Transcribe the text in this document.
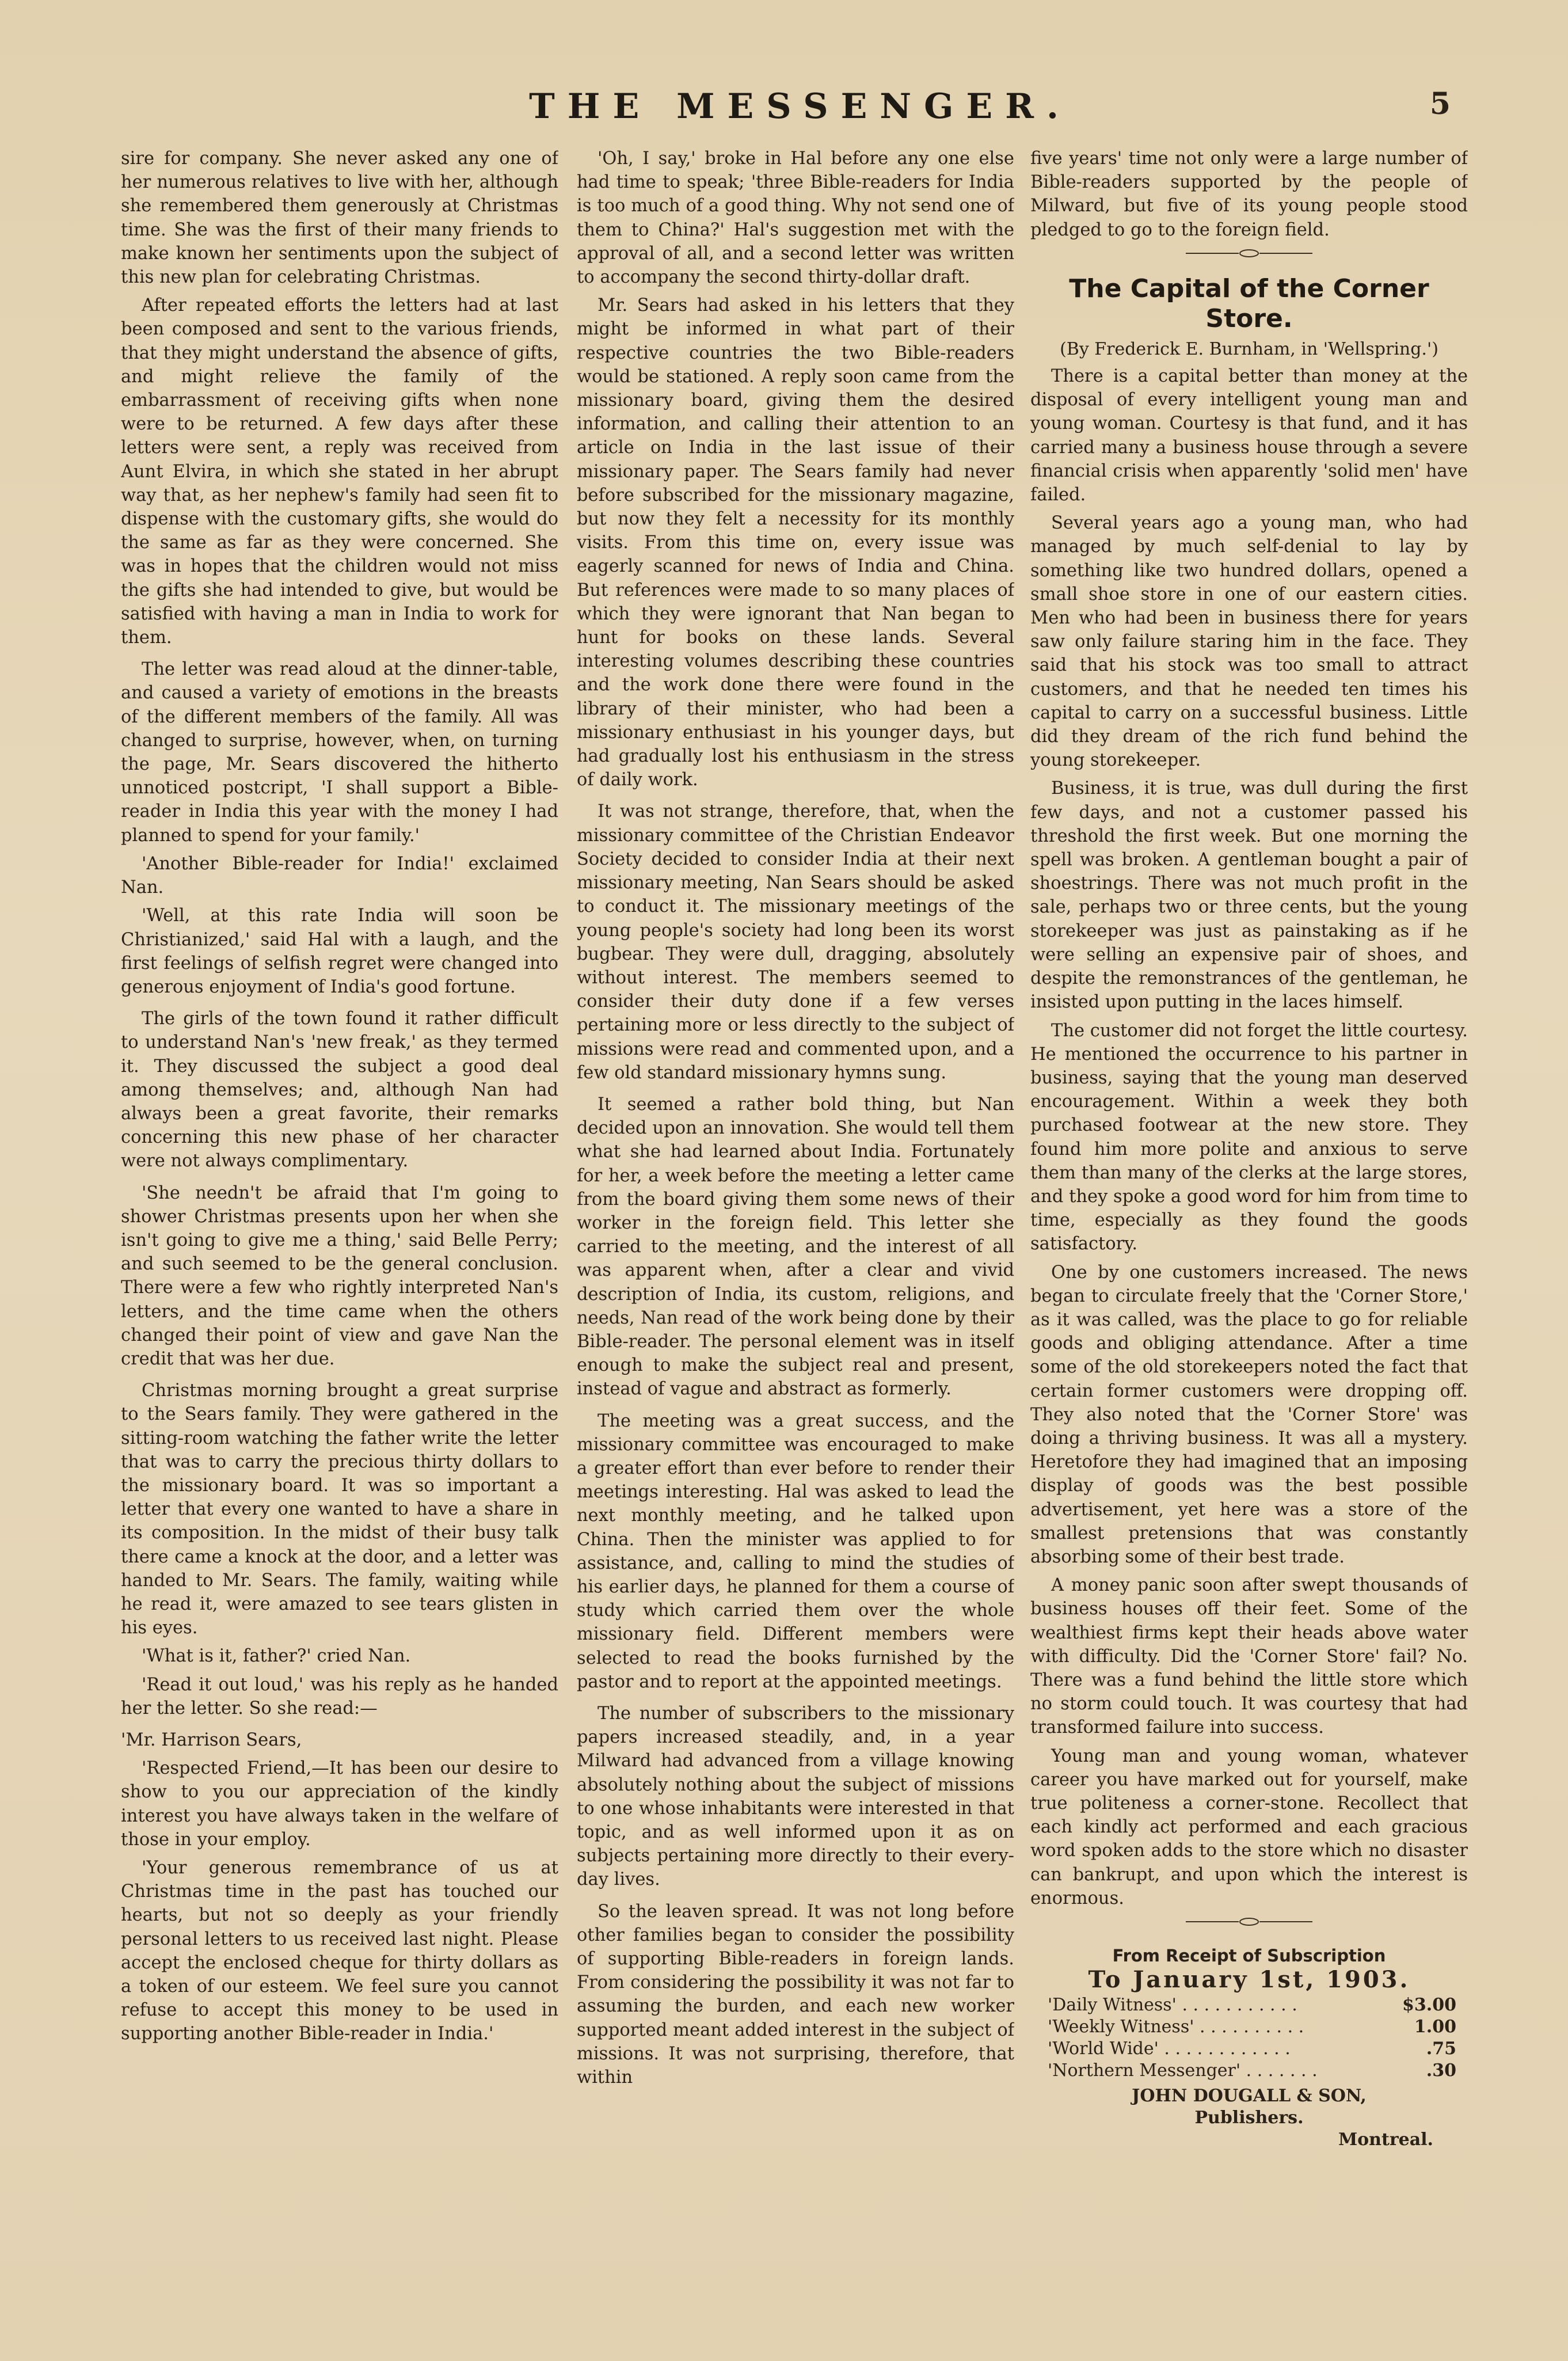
THE MESSENGER.	5

sire for company. She never asked any one of her numerous relatives to live with her, although she remembered them generously at Christmas time. She was the first of their many friends to make known her sentiments upon the subject of this new plan for celebrating Christmas.

After repeated efforts the letters had at last been composed and sent to the various friends, that they might understand the absence of gifts, and might relieve the family of the embarrassment of receiving gifts when none were to be returned. A few days after these letters were sent, a reply was received from Aunt Elvira, in which she stated in her abrupt way that, as her nephew's family had seen fit to dispense with the customary gifts, she would do the same as far as they were concerned. She was in hopes that the children would not miss the gifts she had intended to give, but would be satisfied with having a man in India to work for them.

The letter was read aloud at the dinner-table, and caused a variety of emotions in the breasts of the different members of the family. All was changed to surprise, however, when, on turning the page, Mr. Sears discovered the hitherto unnoticed postcript, 'I shall support a Bible-reader in India this year with the money I had planned to spend for your family.'

'Another Bible-reader for India!' exclaimed Nan.

'Well, at this rate India will soon be Christianized,' said Hal with a laugh, and the first feelings of selfish regret were changed into generous enjoyment of India's good fortune.

The girls of the town found it rather difficult to understand Nan's 'new freak,' as they termed it. They discussed the subject a good deal among themselves; and, although Nan had always been a great favorite, their remarks concerning this new phase of her character were not always complimentary.

'She needn't be afraid that I'm going to shower Christmas presents upon her when she isn't going to give me a thing,' said Belle Perry; and such seemed to be the general conclusion. There were a few who rightly interpreted Nan's letters, and the time came when the others changed their point of view and gave Nan the credit that was her due.

Christmas morning brought a great surprise to the Sears family. They were gathered in the sitting-room watching the father write the letter that was to carry the precious thirty dollars to the missionary board. It was so important a letter that every one wanted to have a share in its composition. In the midst of their busy talk there came a knock at the door, and a letter was handed to Mr. Sears. The family, waiting while he read it, were amazed to see tears glisten in his eyes.

'What is it, father?' cried Nan.

'Read it out loud,' was his reply as he handed her the letter. So she read:—

'Mr. Harrison Sears,

'Respected Friend,—It has been our desire to show to you our appreciation of the kindly interest you have always taken in the welfare of those in your employ.

'Your generous remembrance of us at Christmas time in the past has touched our hearts, but not so deeply as your friendly personal letters to us received last night. Please accept the enclosed cheque for thirty dollars as a token of our esteem. We feel sure you cannot refuse to accept this money to be used in supporting another Bible-reader in India.'

'Oh, I say,' broke in Hal before any one else had time to speak; 'three Bible-readers for India is too much of a good thing. Why not send one of them to China?' Hal's suggestion met with the approval of all, and a second letter was written to accompany the second thirty-dollar draft.

Mr. Sears had asked in his letters that they might be informed in what part of their respective countries the two Bible-readers would be stationed. A reply soon came from the missionary board, giving them the desired information, and calling their attention to an article on India in the last issue of their missionary paper. The Sears family had never before subscribed for the missionary magazine, but now they felt a necessity for its monthly visits. From this time on, every issue was eagerly scanned for news of India and China. But references were made to so many places of which they were ignorant that Nan began to hunt for books on these lands. Several interesting volumes describing these countries and the work done there were found in the library of their minister, who had been a missionary enthusiast in his younger days, but had gradually lost his enthusiasm in the stress of daily work.

It was not strange, therefore, that, when the missionary committee of the Christian Endeavor Society decided to consider India at their next missionary meeting, Nan Sears should be asked to conduct it. The missionary meetings of the young people's society had long been its worst bugbear. They were dull, dragging, absolutely without interest. The members seemed to consider their duty done if a few verses pertaining more or less directly to the subject of missions were read and commented upon, and a few old standard missionary hymns sung.

It seemed a rather bold thing, but Nan decided upon an innovation. She would tell them what she had learned about India. Fortunately for her, a week before the meeting a letter came from the board giving them some news of their worker in the foreign field. This letter she carried to the meeting, and the interest of all was apparent when, after a clear and vivid description of India, its custom, religions, and needs, Nan read of the work being done by their Bible-reader. The personal element was in itself enough to make the subject real and present, instead of vague and abstract as formerly.

The meeting was a great success, and the missionary committee was encouraged to make a greater effort than ever before to render their meetings interesting. Hal was asked to lead the next monthly meeting, and he talked upon China. Then the minister was applied to for assistance, and, calling to mind the studies of his earlier days, he planned for them a course of study which carried them over the whole missionary field. Different members were selected to read the books furnished by the pastor and to report at the appointed meetings.

The number of subscribers to the missionary papers increased steadily, and, in a year Milward had advanced from a village knowing absolutely nothing about the subject of missions to one whose inhabitants were interested in that topic, and as well informed upon it as on subjects pertaining more directly to their every-day lives.

So the leaven spread. It was not long before other families began to consider the possibility of supporting Bible-readers in foreign lands. From considering the possibility it was not far to assuming the burden, and each new worker supported meant added interest in the subject of missions. It was not surprising, therefore, that within

five years' time not only were a large number of Bible-readers supported by the people of Milward, but five of its young people stood pledged to go to the foreign field.

The Capital of the Corner Store.
(By Frederick E. Burnham, in 'Wellspring.')

There is a capital better than money at the disposal of every intelligent young man and young woman. Courtesy is that fund, and it has carried many a business house through a severe financial crisis when apparently 'solid men' have failed.

Several years ago a young man, who had managed by much self-denial to lay by something like two hundred dollars, opened a small shoe store in one of our eastern cities. Men who had been in business there for years saw only failure staring him in the face. They said that his stock was too small to attract customers, and that he needed ten times his capital to carry on a successful business. Little did they dream of the rich fund behind the young storekeeper.

Business, it is true, was dull during the first few days, and not a customer passed his threshold the first week. But one morning the spell was broken. A gentleman bought a pair of shoestrings. There was not much profit in the sale, perhaps two or three cents, but the young storekeeper was just as painstaking as if he were selling an expensive pair of shoes, and despite the remonstrances of the gentleman, he insisted upon putting in the laces himself.

The customer did not forget the little courtesy. He mentioned the occurrence to his partner in business, saying that the young man deserved encouragement. Within a week they both purchased footwear at the new store. They found him more polite and anxious to serve them than many of the clerks at the large stores, and they spoke a good word for him from time to time, especially as they found the goods satisfactory.

One by one customers increased. The news began to circulate freely that the 'Corner Store,' as it was called, was the place to go for reliable goods and obliging attendance. After a time some of the old storekeepers noted the fact that certain former customers were dropping off. They also noted that the 'Corner Store' was doing a thriving business. It was all a mystery. Heretofore they had imagined that an imposing display of goods was the best possible advertisement, yet here was a store of the smallest pretensions that was constantly absorbing some of their best trade.

A money panic soon after swept thousands of business houses off their feet. Some of the wealthiest firms kept their heads above water with difficulty. Did the 'Corner Store' fail? No. There was a fund behind the little store which no storm could touch. It was courtesy that had transformed failure into success.

Young man and young woman, whatever career you have marked out for yourself, make true politeness a corner-stone. Recollect that each kindly act performed and each gracious word spoken adds to the store which no disaster can bankrupt, and upon which the interest is enormous.

From Receipt of Subscription
To January 1st, 1903.
'Daily Witness' . . . . . . . . . . .	$3.00
'Weekly Witness' . . . . . . . . . .	1.00
'World Wide' . . . . . . . . . . . .	.75
'Northern Messenger' . . . . . . .	.30
JOHN DOUGALL & SON,
Publishers.
Montreal.
